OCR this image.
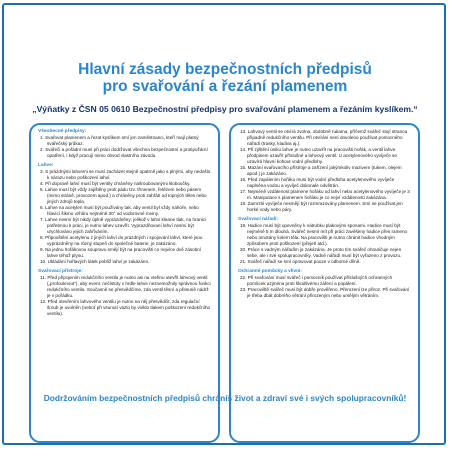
Hlavní zásady bezpečnostních předpisů
pro svařování a řezání plamenem
„Výňatky z ČSN 05 0610 Bezpečnostní předpisy pro svařování plamenem a řezáním kyslíkem.“
Všeobecné předpisy:
1. Svařovat plamenem a řezat kyslíkem smí jen zaměstnanci, kteří mají platný svářečský průkaz.
2. Svářeči a pořádní musí při práci dodržovat všechna bezpečnostní a protipožární opatření, i když pracují mimo obvod vlastního závodu.
Lahve:
3. S prázdnými lahvemi se musí zacházet stejně opatrně jako s plnými, aby nedošlo k nárazu nebo poškození lahví.
4. Při dopravě lahví musí být ventily chráněny našroubovanými kloboučky.
5. Lahve musí být vždy zajištěny proti pádu tzv. třmenem, řetězem nebo pásem (mimo stráně, provozem apod.) a chráněny proti zahřátí od topných těles nebo jiných zdrojů tepla.
6. Lahve na acetylen musí být používány tak, aby ventil byl vždy nahoře, nebo hlavicí šikmo vzhůru nejméně 30° od vodorovné roviny.
7. Lahve nesmí být nikdy úplně vyprázdněny; jelikož v lahvi kleane tlak, na hranici potřebnou k práci, je nutno lahev uzavřít. Vyprazdňovaní lahví nesmí být urychlováno jejich zahříváním.
8. Připouštění acetylenu z jiných lahví do prázdných i spojování lahví, které jsou vyprázdněny na různý stupeň do společné baterie, je zakázáno.
9. Na jednu hořákovou soupravu smějí být na pracovišti co nejvíce dvě zásobní lahve téhož plynu.
10. Ukládání hořlavých látek poblíž lahví je zakázáno.
Svařovací přístroje:
11. Před připojením redukčního ventilu je nutno asi na vteřinu otevřít lahvový ventil („profouknout“), aby event. nečistoty v hrdle lahve neznemožnily správnou funkci redukčního ventilu. Současně se přesvědčíme, zda ventil těsní a přesuně nádrž je v pořádku.
12. Před otevřením lahvového ventilu je nutno na něj přesvědčit, zda regulační šroub je uvolněn (neboť při vsunutí vázlo by vniklo tlakem poškození redukčního ventilu).
13. Lahvový ventil se otvírá zvolna, obdobně rukama, příčemž svářeč stojí stranou případně redukčního ventilu. Při otvírání není dovoleno používat pomocného nářadí (trasky, kladiva aj.).
14. Při zjištění úniku lahve je nutno uzavřít na pracovišti hořák, a ventil lahve předpisem uzavřít příslušné a lahvový ventil. U acetylenového vyvíječe se uzavírá hlavní kohout vodní předlohy.
15. Mazání svařovacího přístroje a zařízení jakýmkoliv mazivem (tukem, olejem apod.) je zakázáno.
16. Před zapálením hořáku musí být vodní předloha acetylenového vyvíječe naplněna vodou a vyvíječ dokonale odvětrán.
17. Nejméně vzdálenost plamene hořáku od lahví nebo acetylenového vyvíječe je 3 m. Manipulace s plamenem hořáku je co nejví vzdálenosti zakázána.
18. Zamrzlé vyvíječe nesmějí být rozmrazovány plamenem. Smí se používat jen horké vody nebo páry.
Svařovací nářadí:
19. Hadice musí být upevněny k nátrubku plakovými sponami. Hadice musí být nejméně 5 m dlouhá. Svářeč nesmí mít při práci zavěšeny hadice přes rameno nebo omotány kolem těla. Na pracovišti je nutno chránit hadice vhodným způsobem proti poškození (přejetí atd.).
20. Práce s vadným nářadím je zakázána. Je proto tím svářeč ohraničuje nejen sebe, ale i své spolupracovníky. Vadné nářadí musí být vyřazeno z provozu.
21. Svářeč nářadí se smí opravovat pouze v odborné dílně.
Ochranné pomůcky a vlivní:
22. Při svařování musí svářeč i pomocník používat příslušných ochranných pomůcek azjména proti škodlivému záření a popálení.
23. Pracoviště svářeč musí být dobře prověřeno. Přerození lze přiroz. Při svařování je třeba dbát dobrého větrání přirozeným nebo umělým větráním.
Dodržováním bezpečnostních předpisů chráníš život a zdraví své i svých spolupracovníků!
